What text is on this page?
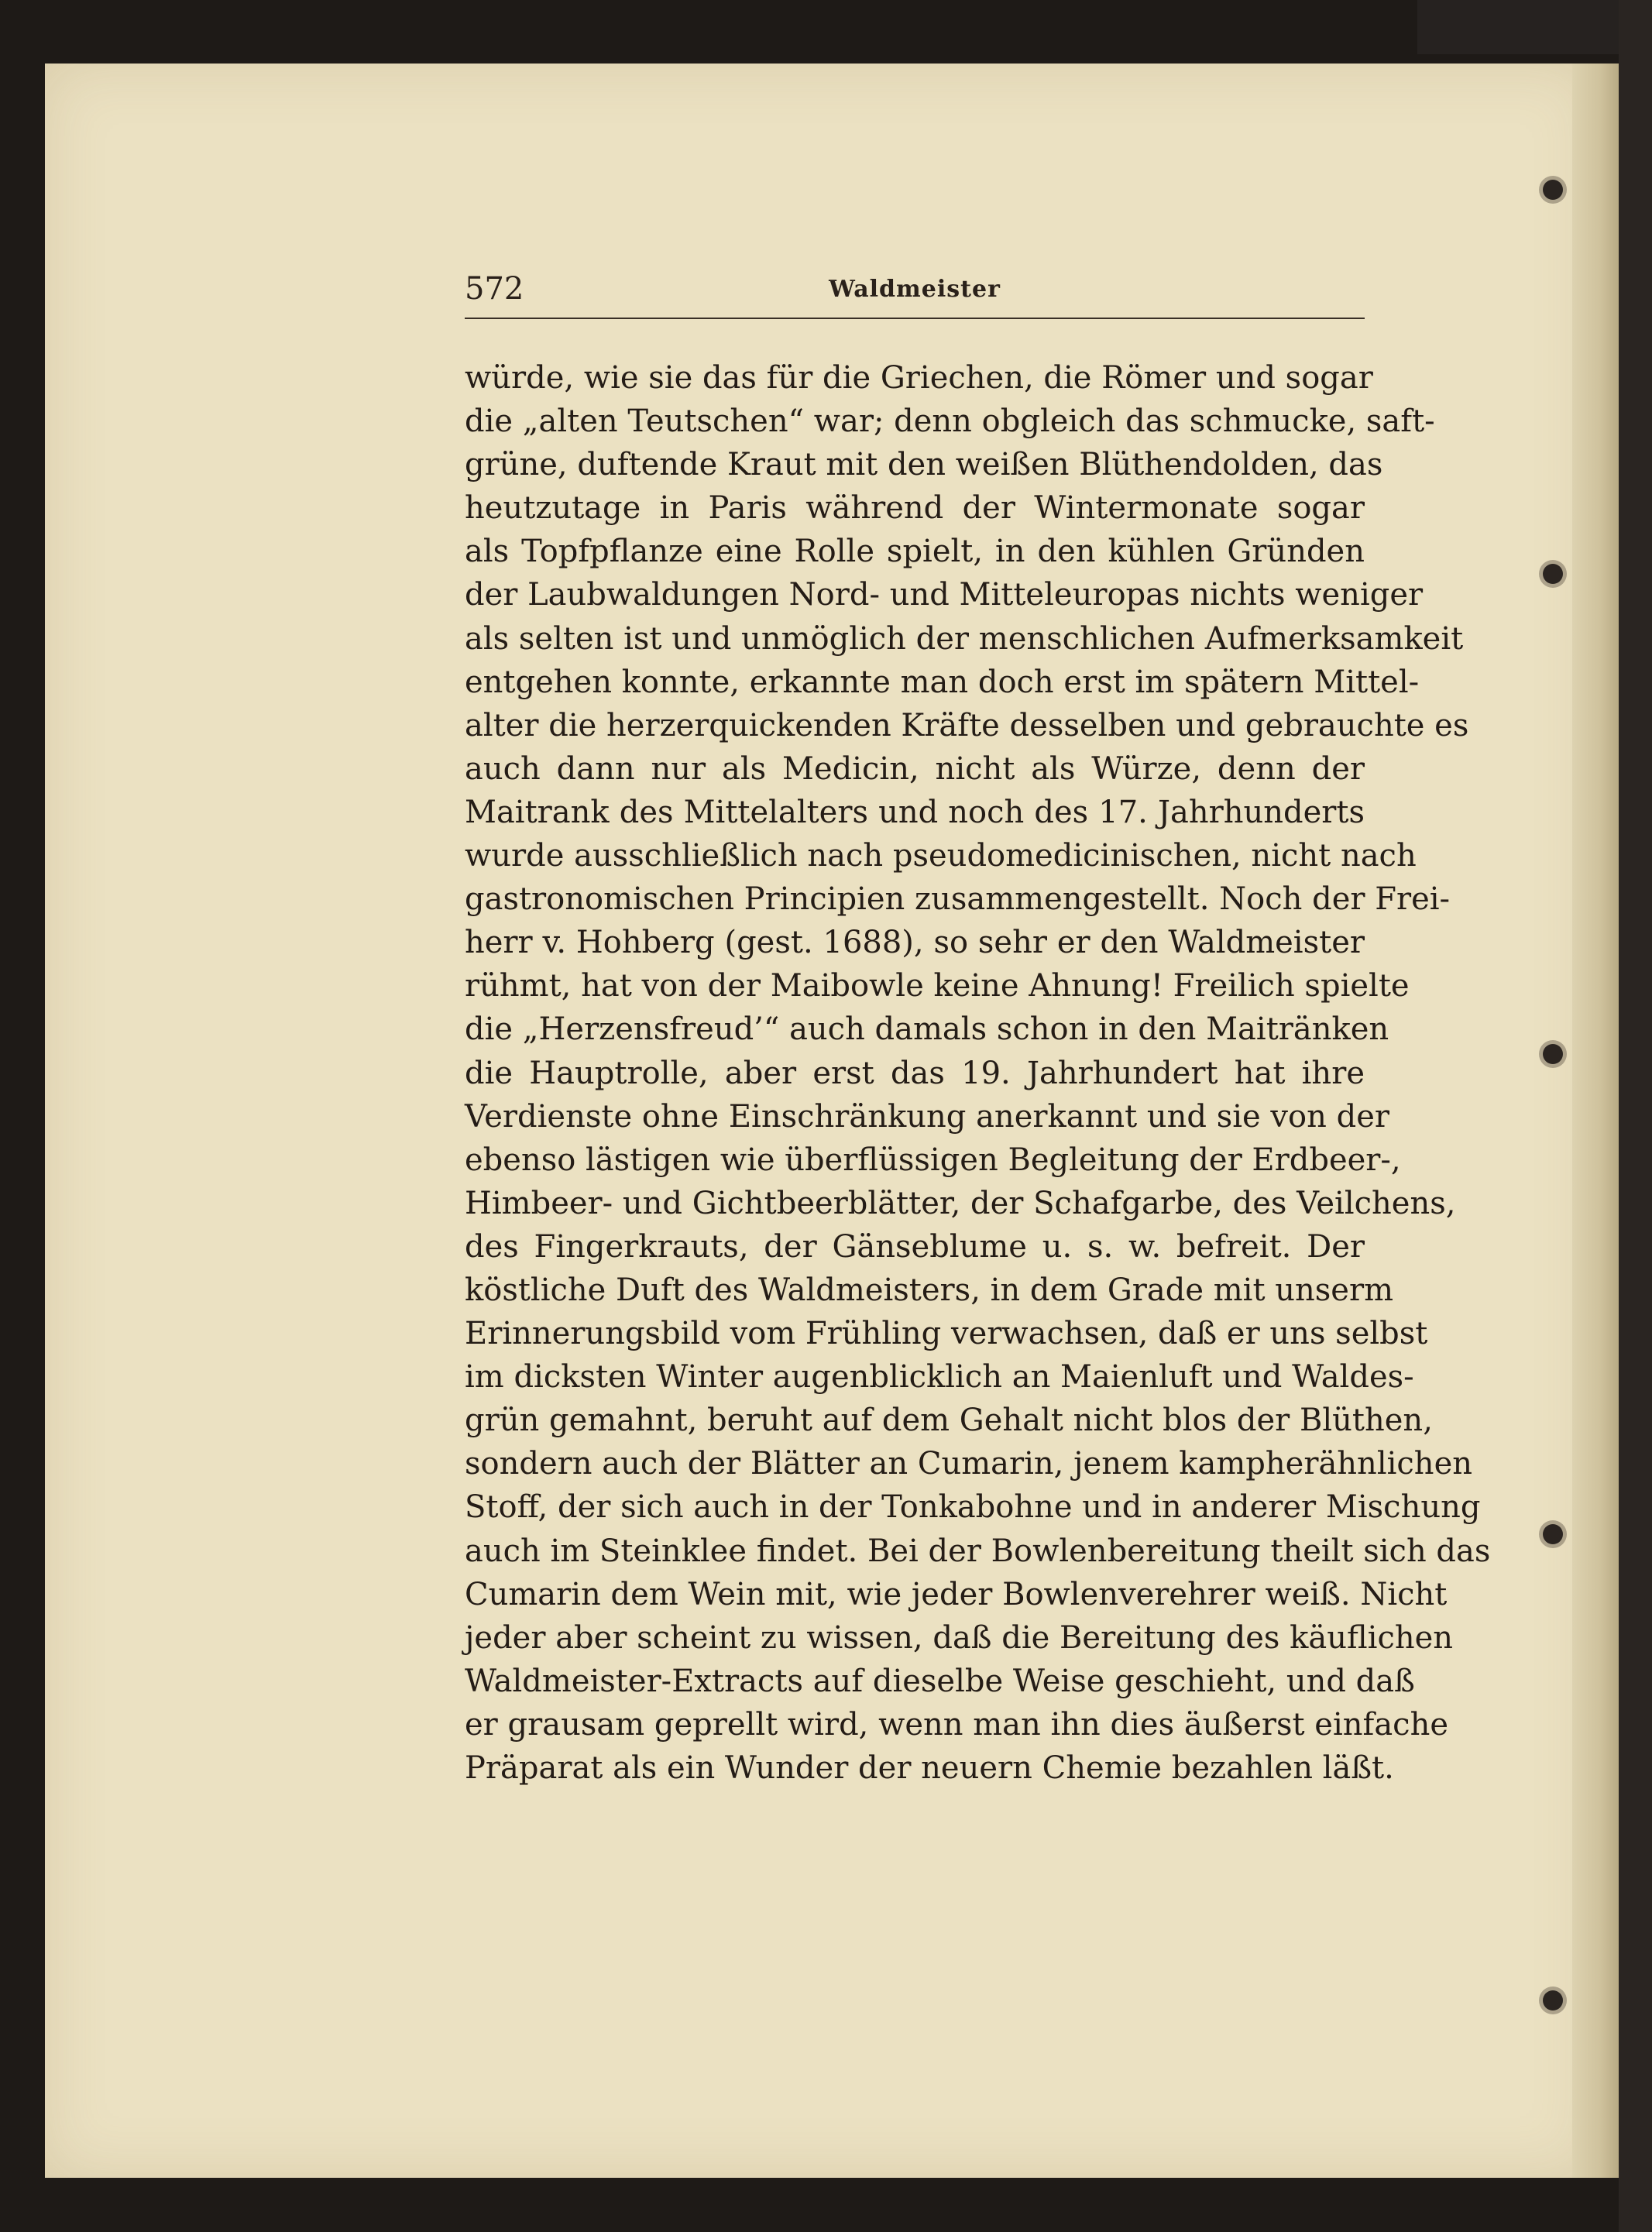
572	Waldmeister
würde, wie sie das für die Griechen, die Römer und sogar
die „alten Teutschen“ war; denn obgleich das schmucke, saft-
grüne, duftende Kraut mit den weißen Blüthendolden, das
heutzutage in Paris während der Wintermonate sogar
als Topfpflanze eine Rolle spielt, in den kühlen Gründen
der Laubwaldungen Nord- und Mitteleuropas nichts weniger
als selten ist und unmöglich der menschlichen Aufmerksamkeit
entgehen konnte, erkannte man doch erst im spätern Mittel-
alter die herzerquickenden Kräfte desselben und gebrauchte es
auch dann nur als Medicin, nicht als Würze, denn der
Maitrank des Mittelalters und noch des 17. Jahrhunderts
wurde ausschließlich nach pseudomedicinischen, nicht nach
gastronomischen Principien zusammengestellt. Noch der Frei-
herr v. Hohberg (gest. 1688), so sehr er den Waldmeister
rühmt, hat von der Maibowle keine Ahnung! Freilich spielte
die „Herzensfreud’“ auch damals schon in den Maitränken
die Hauptrolle, aber erst das 19. Jahrhundert hat ihre
Verdienste ohne Einschränkung anerkannt und sie von der
ebenso lästigen wie überflüssigen Begleitung der Erdbeer-,
Himbeer- und Gichtbeerblätter, der Schafgarbe, des Veilchens,
des Fingerkrauts, der Gänseblume u. s. w. befreit. Der
köstliche Duft des Waldmeisters, in dem Grade mit unserm
Erinnerungsbild vom Frühling verwachsen, daß er uns selbst
im dicksten Winter augenblicklich an Maienluft und Waldes-
grün gemahnt, beruht auf dem Gehalt nicht blos der Blüthen,
sondern auch der Blätter an Cumarin, jenem kampherähnlichen
Stoff, der sich auch in der Tonkabohne und in anderer Mischung
auch im Steinklee findet. Bei der Bowlenbereitung theilt sich das
Cumarin dem Wein mit, wie jeder Bowlenverehrer weiß. Nicht
jeder aber scheint zu wissen, daß die Bereitung des käuflichen
Waldmeister-Extracts auf dieselbe Weise geschieht, und daß
er grausam geprellt wird, wenn man ihn dies äußerst einfache
Präparat als ein Wunder der neuern Chemie bezahlen läßt.
